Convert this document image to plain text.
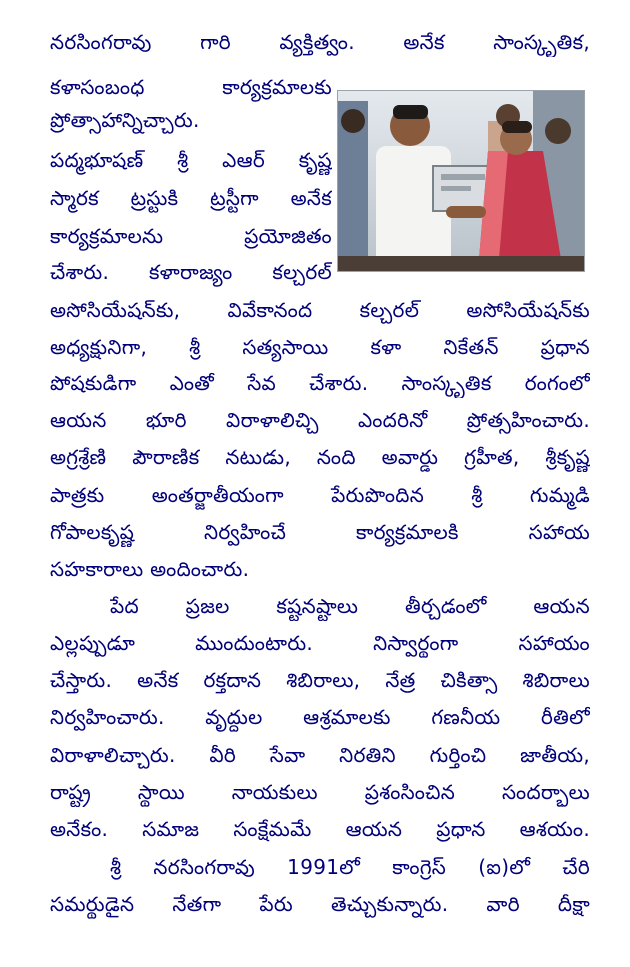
నరసింగరావు గారి వ్యక్తిత్వం. అనేక సాంస్కృతిక,
కళాసంబంధ కార్యక్రమాలకు
ప్రోత్సాహాన్నిచ్చారు.
పద్మభూషణ్ శ్రీ ఎఆర్ కృష్ణ
స్మారక ట్రస్టుకి ట్రస్టీగా అనేక
కార్యక్రమాలను ప్రయోజితం
చేశారు. కళారాజ్యం కల్చరల్
అసోసియేషన్‌కు, వివేకానంద కల్చరల్ అసోసియేషన్‌కు
అధ్యక్షునిగా, శ్రీ సత్యసాయి కళా నికేతన్ ప్రధాన
పోషకుడిగా ఎంతో సేవ చేశారు. సాంస్కృతిక రంగంలో
ఆయన భూరి విరాళాలిచ్చి ఎందరినో ప్రోత్సహించారు.
అగ్రశ్రేణి పౌరాణిక నటుడు, నంది అవార్డు గ్రహీత, శ్రీకృష్ణ
పాత్రకు అంతర్జాతీయంగా పేరుపొందిన శ్రీ గుమ్మడి
గోపాలకృష్ణ నిర్వహించే కార్యక్రమాలకి సహాయ
సహకారాలు అందించారు.
పేద ప్రజల కష్టనష్టాలు తీర్చడంలో ఆయన
ఎల్లప్పుడూ ముందుంటారు. నిస్వార్థంగా సహాయం
చేస్తారు. అనేక రక్తదాన శిబిరాలు, నేత్ర చికిత్సా శిబిరాలు
నిర్వహించారు. వృద్ధుల ఆశ్రమాలకు గణనీయ రీతిలో
విరాళాలిచ్చారు. వీరి సేవా నిరతిని గుర్తించి జాతీయ,
రాష్ట్ర స్థాయి నాయకులు ప్రశంసించిన సందర్భాలు
అనేకం. సమాజ సంక్షేమమే ఆయన ప్రధాన ఆశయం.
శ్రీ నరసింగరావు 1991లో కాంగ్రెస్ (ఐ)లో చేరి
సమర్థుడైన నేతగా పేరు తెచ్చుకున్నారు. వారి దీక్షా
